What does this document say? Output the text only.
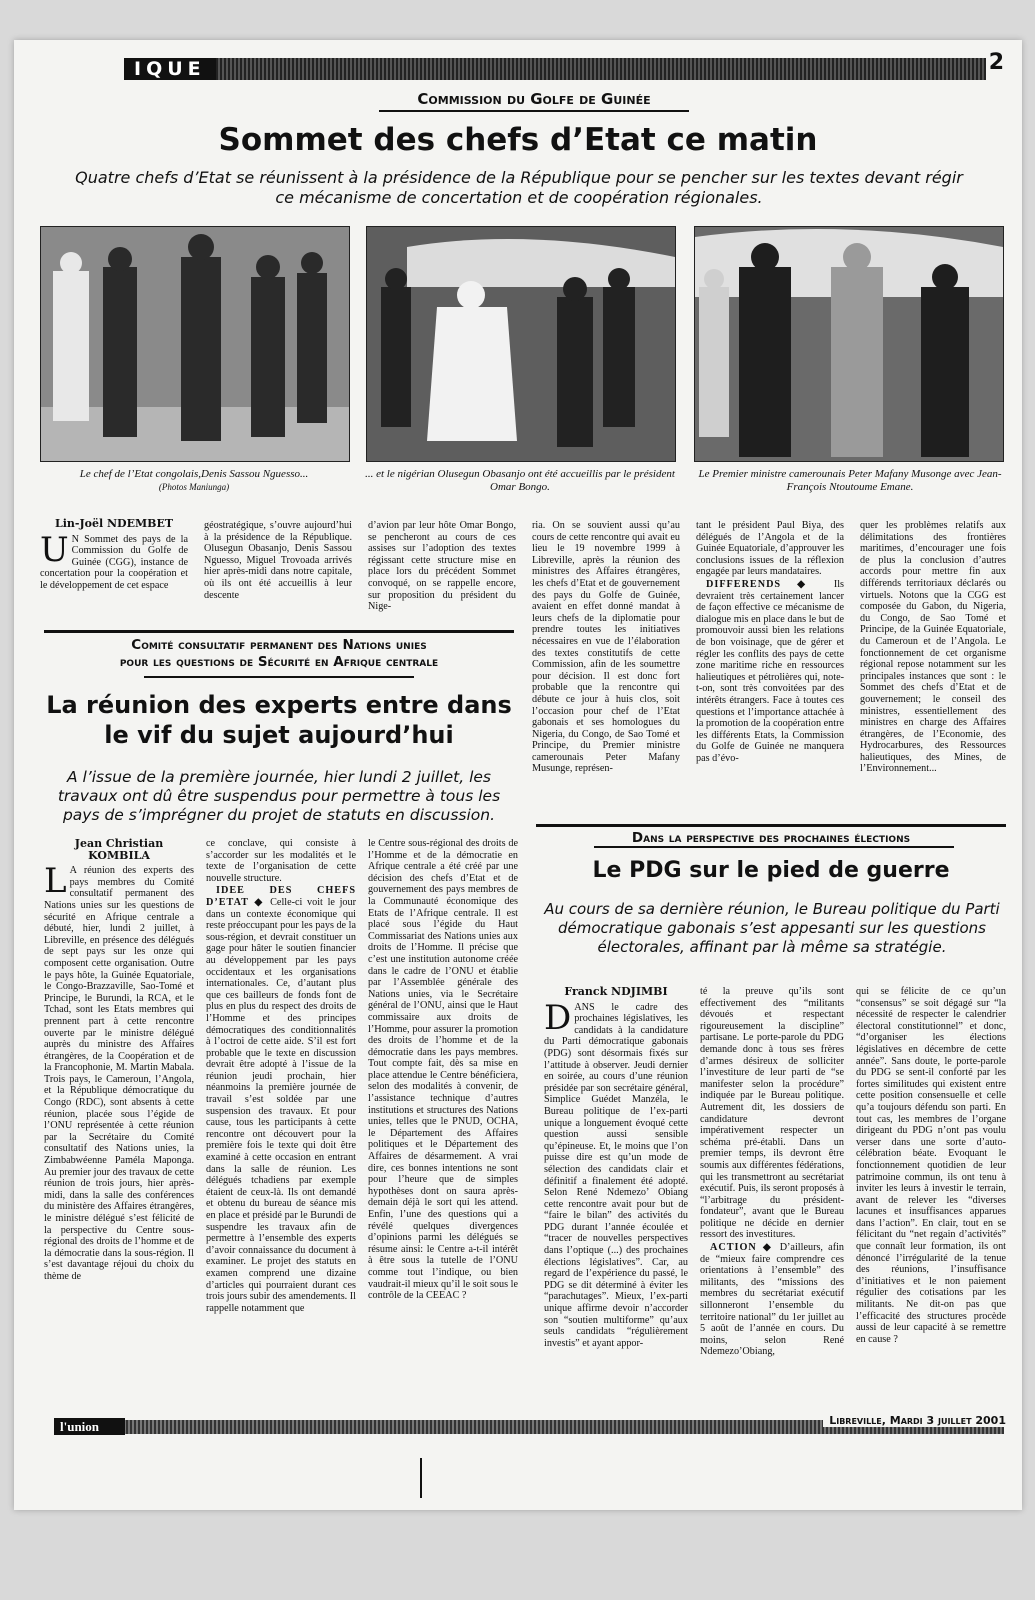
IQUE	2
Commission du Golfe de Guinée
Sommet des chefs d’Etat ce matin
Quatre chefs d’Etat se réunissent à la présidence de la République pour se pencher sur les textes devant régir ce mécanisme de concertation et de coopération régionales.
Le chef de l’Etat congolais,Denis Sassou Nguesso...
(Photos Maniunga)
... et le nigérian Olusegun Obasanjo ont été accueillis par le président Omar Bongo.
Le Premier ministre camerounais Peter Mafany Musonge avec Jean-François Ntoutoume Emane.
Lin-Joël NDEMBET

U N Sommet des pays de la Commission du Golfe de Guinée (CGG), instance de concertation pour la coopération et le développement de cet espace

géostratégique, s’ouvre aujourd’hui à la présidence de la République. Olusegun Obasanjo, Denis Sassou Nguesso, Miguel Trovoada arrivés hier après-midi dans notre capitale, où ils ont été accueillis à leur descente

d’avion par leur hôte Omar Bongo, se pencheront au cours de ces assises sur l’adoption des textes régissant cette structure mise en place lors du précédent Sommet convoqué, on se rappelle encore, sur proposition du président du Nige-

ria. On se souvient aussi qu’au cours de cette rencontre qui avait eu lieu le 19 novembre 1999 à Libreville, après la réunion des ministres des Affaires étrangères, les chefs d’Etat et de gouvernement des pays du Golfe de Guinée, avaient en effet donné mandat à leurs chefs de la diplomatie pour prendre toutes les initiatives nécessaires en vue de l’élaboration des textes constitutifs de cette Commission, afin de les soumettre pour décision. Il est donc fort probable que la rencontre qui débute ce jour à huis clos, soit l’occasion pour chef de l’Etat gabonais et ses homologues du Nigeria, du Congo, de Sao Tomé et Principe, du Premier ministre camerounais Peter Mafany Musunge, représen-

tant le président Paul Biya, des délégués de l’Angola et de la Guinée Equatoriale, d’approuver les conclusions issues de la réflexion engagée par leurs mandataires.

DIFFERENDS ◆ Ils devraient très certainement lancer de façon effective ce mécanisme de dialogue mis en place dans le but de promouvoir aussi bien les relations de bon voisinage, que de gérer et régler les conflits des pays de cette zone maritime riche en ressources halieutiques et pétrolières qui, note-t-on, sont très convoitées par des intérêts étrangers. Face à toutes ces questions et l’importance attachée à la promotion de la coopération entre les différents Etats, la Commission du Golfe de Guinée ne manquera pas d’évo-

quer les problèmes relatifs aux délimitations des frontières maritimes, d’encourager une fois de plus la conclusion d’autres accords pour mettre fin aux différends territoriaux déclarés ou virtuels. Notons que la CGG est composée du Gabon, du Nigeria, du Congo, de Sao Tomé et Principe, de la Guinée Equatoriale, du Cameroun et de l’Angola. Le fonctionnement de cet organisme régional repose notamment sur les principales instances que sont : le Sommet des chefs d’Etat et de gouvernement; le conseil des ministres, essentiellement des ministres en charge des Affaires étrangères, de l’Economie, des Hydrocarbures, des Ressources halieutiques, des Mines, de l’Environnement...

Comité consultatif permanent des Nations unies
pour les questions de Sécurité en Afrique centrale
La réunion des experts entre dans le vif du sujet aujourd’hui
A l’issue de la première journée, hier lundi 2 juillet, les travaux ont dû être suspendus pour permettre à tous les pays de s’imprégner du projet de statuts en discussion.
Jean Christian KOMBILA

L A réunion des experts des pays membres du Comité consultatif permanent des Nations unies sur les questions de sécurité en Afrique centrale a débuté, hier, lundi 2 juillet, à Libreville, en présence des délégués de sept pays sur les onze qui composent cette organisation. Outre le pays hôte, la Guinée Equatoriale, le Congo-Brazzaville, Sao-Tomé et Principe, le Burundi, la RCA, et le Tchad, sont les Etats membres qui prennent part à cette rencontre ouverte par le ministre délégué auprès du ministre des Affaires étrangères, de la Coopération et de la Francophonie, M. Martin Mabala. Trois pays, le Cameroun, l’Angola, et la République démocratique du Congo (RDC), sont absents à cette réunion, placée sous l’égide de l’ONU représentée à cette réunion par la Secrétaire du Comité consultatif des Nations unies, la Zimbabwéenne Paméla Maponga. Au premier jour des travaux de cette réunion de trois jours, hier après-midi, dans la salle des conférences du ministère des Affaires étrangères, le ministre délégué s’est félicité de la perspective du Centre sous-régional des droits de l’homme et de la démocratie dans la sous-région. Il s’est davantage réjoui du choix du thème de

ce conclave, qui consiste à s’accorder sur les modalités et le texte de l’organisation de cette nouvelle structure.

IDEE DES CHEFS D’ETAT ◆ Celle-ci voit le jour dans un contexte économique qui reste préoccupant pour les pays de la sous-région, et devrait constituer un gage pour hâter le soutien financier au développement par les pays occidentaux et les organisations internationales. Ce, d’autant plus que ces bailleurs de fonds font de plus en plus du respect des droits de l’Homme et des principes démocratiques des conditionnalités à l’octroi de cette aide. S’il est fort probable que le texte en discussion devrait être adopté à l’issue de la réunion jeudi prochain, hier néanmoins la première journée de travail s’est soldée par une suspension des travaux. Et pour cause, tous les participants à cette rencontre ont découvert pour la première fois le texte qui doit être examiné à cette occasion en entrant dans la salle de réunion. Les délégués tchadiens par exemple étaient de ceux-là. Ils ont demandé et obtenu du bureau de séance mis en place et présidé par le Burundi de suspendre les travaux afin de permettre à l’ensemble des experts d’avoir connaissance du document à examiner. Le projet des statuts en examen comprend une dizaine d’articles qui pourraient durant ces trois jours subir des amendements. Il rappelle notamment que

le Centre sous-régional des droits de l’Homme et de la démocratie en Afrique centrale a été créé par une décision des chefs d’Etat et de gouvernement des pays membres de la Communauté économique des Etats de l’Afrique centrale. Il est placé sous l’égide du Haut Commissariat des Nations unies aux droits de l’Homme. Il précise que c’est une institution autonome créée dans le cadre de l’ONU et établie par l’Assemblée générale des Nations unies, via le Secrétaire général de l’ONU, ainsi que le Haut commissaire aux droits de l’Homme, pour assurer la promotion des droits de l’homme et de la démocratie dans les pays membres. Tout compte fait, dès sa mise en place attendue le Centre bénéficiera, selon des modalités à convenir, de l’assistance technique d’autres institutions et structures des Nations unies, telles que le PNUD, OCHA, le Département des Affaires politiques et le Département des Affaires de désarmement. A vrai dire, ces bonnes intentions ne sont pour l’heure que de simples hypothèses dont on saura après-demain déjà le sort qui les attend. Enfin, l’une des questions qui a révélé quelques divergences d’opinions parmi les délégués se résume ainsi: le Centre a-t-il intérêt à être sous la tutelle de l’ONU comme tout l’indique, ou bien vaudrait-il mieux qu’il le soit sous le contrôle de la CEEAC ?

Dans la perspective des prochaines élections
Le PDG sur le pied de guerre
Au cours de sa dernière réunion, le Bureau politique du Parti démocratique gabonais s’est appesanti sur les questions électorales, affinant par là même sa stratégie.
Franck NDJIMBI

DANS le cadre des prochaines législatives, les candidats à la candidature du Parti démocratique gabonais (PDG) sont désormais fixés sur l’attitude à observer. Jeudi dernier en soirée, au cours d’une réunion présidée par son secrétaire général, Simplice Guédet Manzéla, le Bureau politique de l’ex-parti unique a longuement évoqué cette question aussi sensible qu’épineuse. Et, le moins que l’on puisse dire est qu’un mode de sélection des candidats clair et définitif a finalement été adopté. Selon René Ndemezo’ Obiang cette rencontre avait pour but de “faire le bilan” des activités du PDG durant l’année écoulée et “tracer de nouvelles perspectives dans l’optique (...) des prochaines élections législatives”. Car, au regard de l’expérience du passé, le PDG se dit déterminé à éviter les “parachutages”. Mieux, l’ex-parti unique affirme devoir n’accorder son “soutien multiforme” qu’aux seuls candidats “régulièrement investis” et ayant appor-

té la preuve qu’ils sont effectivement des “militants dévoués et respectant rigoureusement la discipline” partisane. Le porte-parole du PDG demande donc à tous ses frères d’armes désireux de solliciter l’investiture de leur parti de “se manifester selon la procédure” indiquée par le Bureau politique. Autrement dit, les dossiers de candidature devront impérativement respecter un schéma pré-établi. Dans un premier temps, ils devront être soumis aux différentes fédérations, qui les transmettront au secrétariat exécutif. Puis, ils seront proposés à “l’arbitrage du président-fondateur”, avant que le Bureau politique ne décide en dernier ressort des investitures.

ACTION ◆ D’ailleurs, afin de “mieux faire comprendre ces orientations à l’ensemble” des militants, des “missions des membres du secrétariat exécutif sillonneront l’ensemble du territoire national” du 1er juillet au 5 août de l’année en cours. Du moins, selon René Ndemezo’Obiang,

qui se félicite de ce qu’un “consensus” se soit dégagé sur “la nécessité de respecter le calendrier électoral constitutionnel” et donc, “d’organiser les élections législatives en décembre de cette année”. Sans doute, le porte-parole du PDG se sent-il conforté par les fortes similitudes qui existent entre cette position consensuelle et celle qu’a toujours défendu son parti. En tout cas, les membres de l’organe dirigeant du PDG n’ont pas voulu verser dans une sorte d’auto-célébration béate. Evoquant le fonctionnement quotidien de leur patrimoine commun, ils ont tenu à inviter les leurs à investir le terrain, avant de relever les “diverses lacunes et insuffisances apparues dans l’action”. En clair, tout en se félicitant du “net regain d’activités” que connaît leur formation, ils ont dénoncé l’irrégularité de la tenue des réunions, l’insuffisance d’initiatives et le non paiement régulier des cotisations par les militants. Ne dit-on pas que l’efficacité des structures procède aussi de leur capacité à se remettre en cause ?

l'union	Libreville, Mardi 3 juillet 2001
